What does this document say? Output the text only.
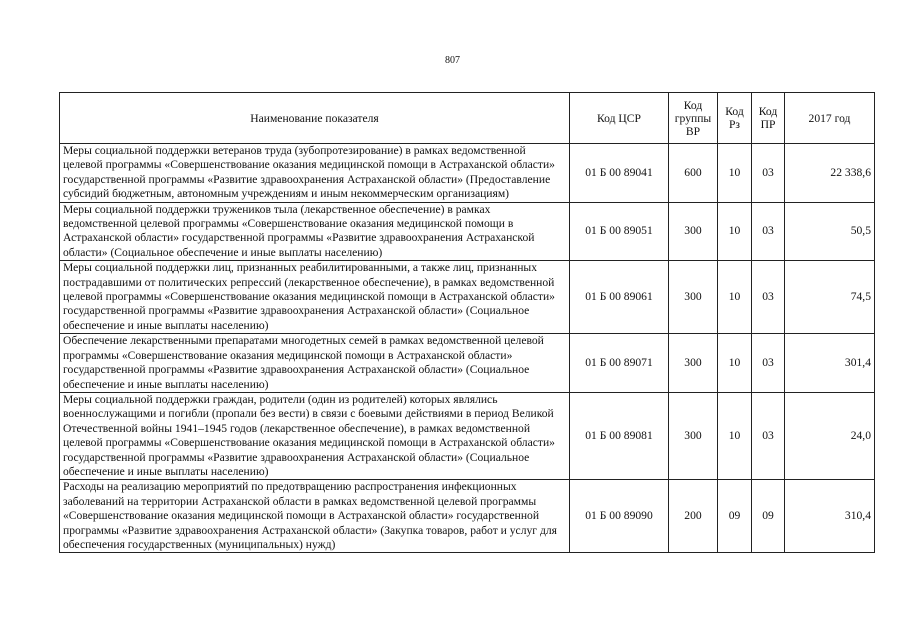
807
Наименование показателя	Код ЦСР	Код группы ВР	Код Рз	Код ПР	2017 год
Меры социальной поддержки ветеранов труда (зубопротезирование) в рамках ведомственной целевой программы «Совершенствование оказания медицинской помощи в Астраханской области» государственной программы «Развитие здравоохранения Астраханской области» (Предоставление субсидий бюджетным, автономным учреждениям и иным некоммерческим организациям)	01 Б 00 89041	600	10	03	22 338,6
Меры социальной поддержки тружеников тыла (лекарственное обеспечение) в рамках ведомственной целевой программы «Совершенствование оказания медицинской помощи в Астраханской области» государственной программы «Развитие здравоохранения Астраханской области» (Социальное обеспечение и иные выплаты населению)	01 Б 00 89051	300	10	03	50,5
Меры социальной поддержки лиц, признанных реабилитированными, а также лиц, признанных пострадавшими от политических репрессий (лекарственное обеспечение), в рамках ведомственной целевой программы «Совершенствование оказания медицинской помощи в Астраханской области» государственной программы «Развитие здравоохранения Астраханской области» (Социальное обеспечение и иные выплаты населению)	01 Б 00 89061	300	10	03	74,5
Обеспечение лекарственными препаратами многодетных семей в рамках ведомственной целевой программы «Совершенствование оказания медицинской помощи в Астраханской области» государственной программы «Развитие здравоохранения Астраханской области» (Социальное обеспечение и иные выплаты населению)	01 Б 00 89071	300	10	03	301,4
Меры социальной поддержки граждан, родители (один из родителей) которых являлись военнослужащими и погибли (пропали без вести) в связи с боевыми действиями в период Великой Отечественной войны 1941–1945 годов (лекарственное обеспечение), в рамках ведомственной целевой программы «Совершенствование оказания медицинской помощи в Астраханской области» государственной программы «Развитие здравоохранения Астраханской области» (Социальное обеспечение и иные выплаты населению)	01 Б 00 89081	300	10	03	24,0
Расходы на реализацию мероприятий по предотвращению распространения инфекционных заболеваний на территории Астраханской области в рамках ведомственной целевой программы «Совершенствование оказания медицинской помощи в Астраханской области» государственной программы «Развитие здравоохранения Астраханской области» (Закупка товаров, работ и услуг для обеспечения государственных (муниципальных) нужд)	01 Б 00 89090	200	09	09	310,4
